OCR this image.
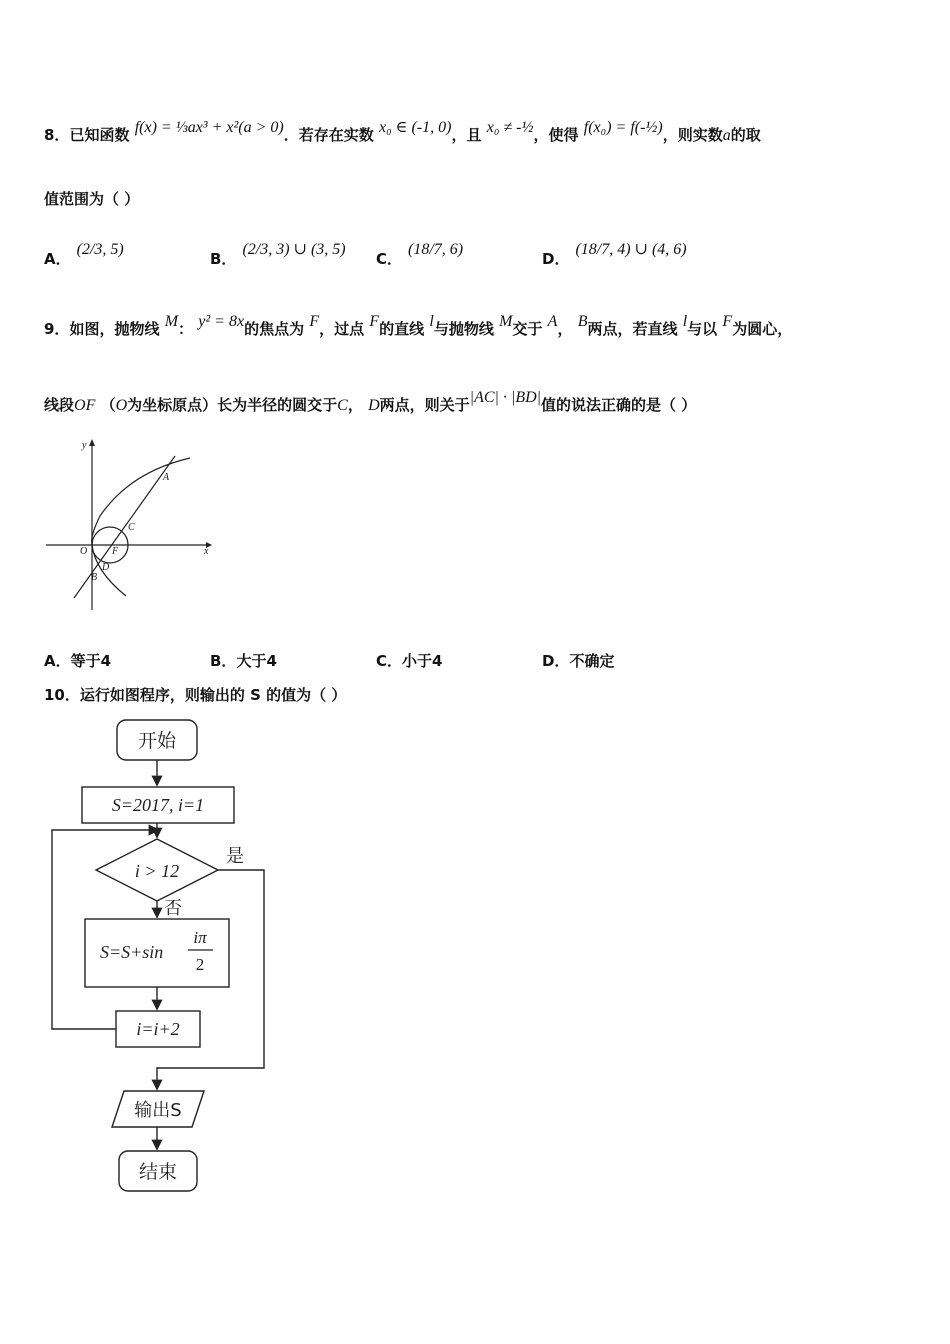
8．已知函数 f(x) = ⅓ax³ + x²(a > 0)．若存在实数 x₀ ∈ (-1, 0)，且 x₀ ≠ -½，使得 f(x₀) = f(-½)，则实数a的取
值范围为（ ）
A．(2/3, 5)
B．(2/3, 3) ∪ (3, 5)
C．(18/7, 6)
D．(18/7, 4) ∪ (4, 6)
9．如图，抛物线 M： y² = 8x的焦点为 F，过点 F的直线 l与抛物线 M交于 A， B两点，若直线 l与以 F为圆心，
线段OF （O为坐标原点）长为半径的圆交于C， D两点，则关于|AC| · |BD|值的说法正确的是（ ）
y
x
O F
A
C
D
B
A．等于4	B．大于4	C．小于4	D．不确定
10．运行如图程序，则输出的 S 的值为（ ）
开始
S=2017, i=1
i > 12
是
否
S=S+sin
iπ
2
i=i+2
输出S
结束
